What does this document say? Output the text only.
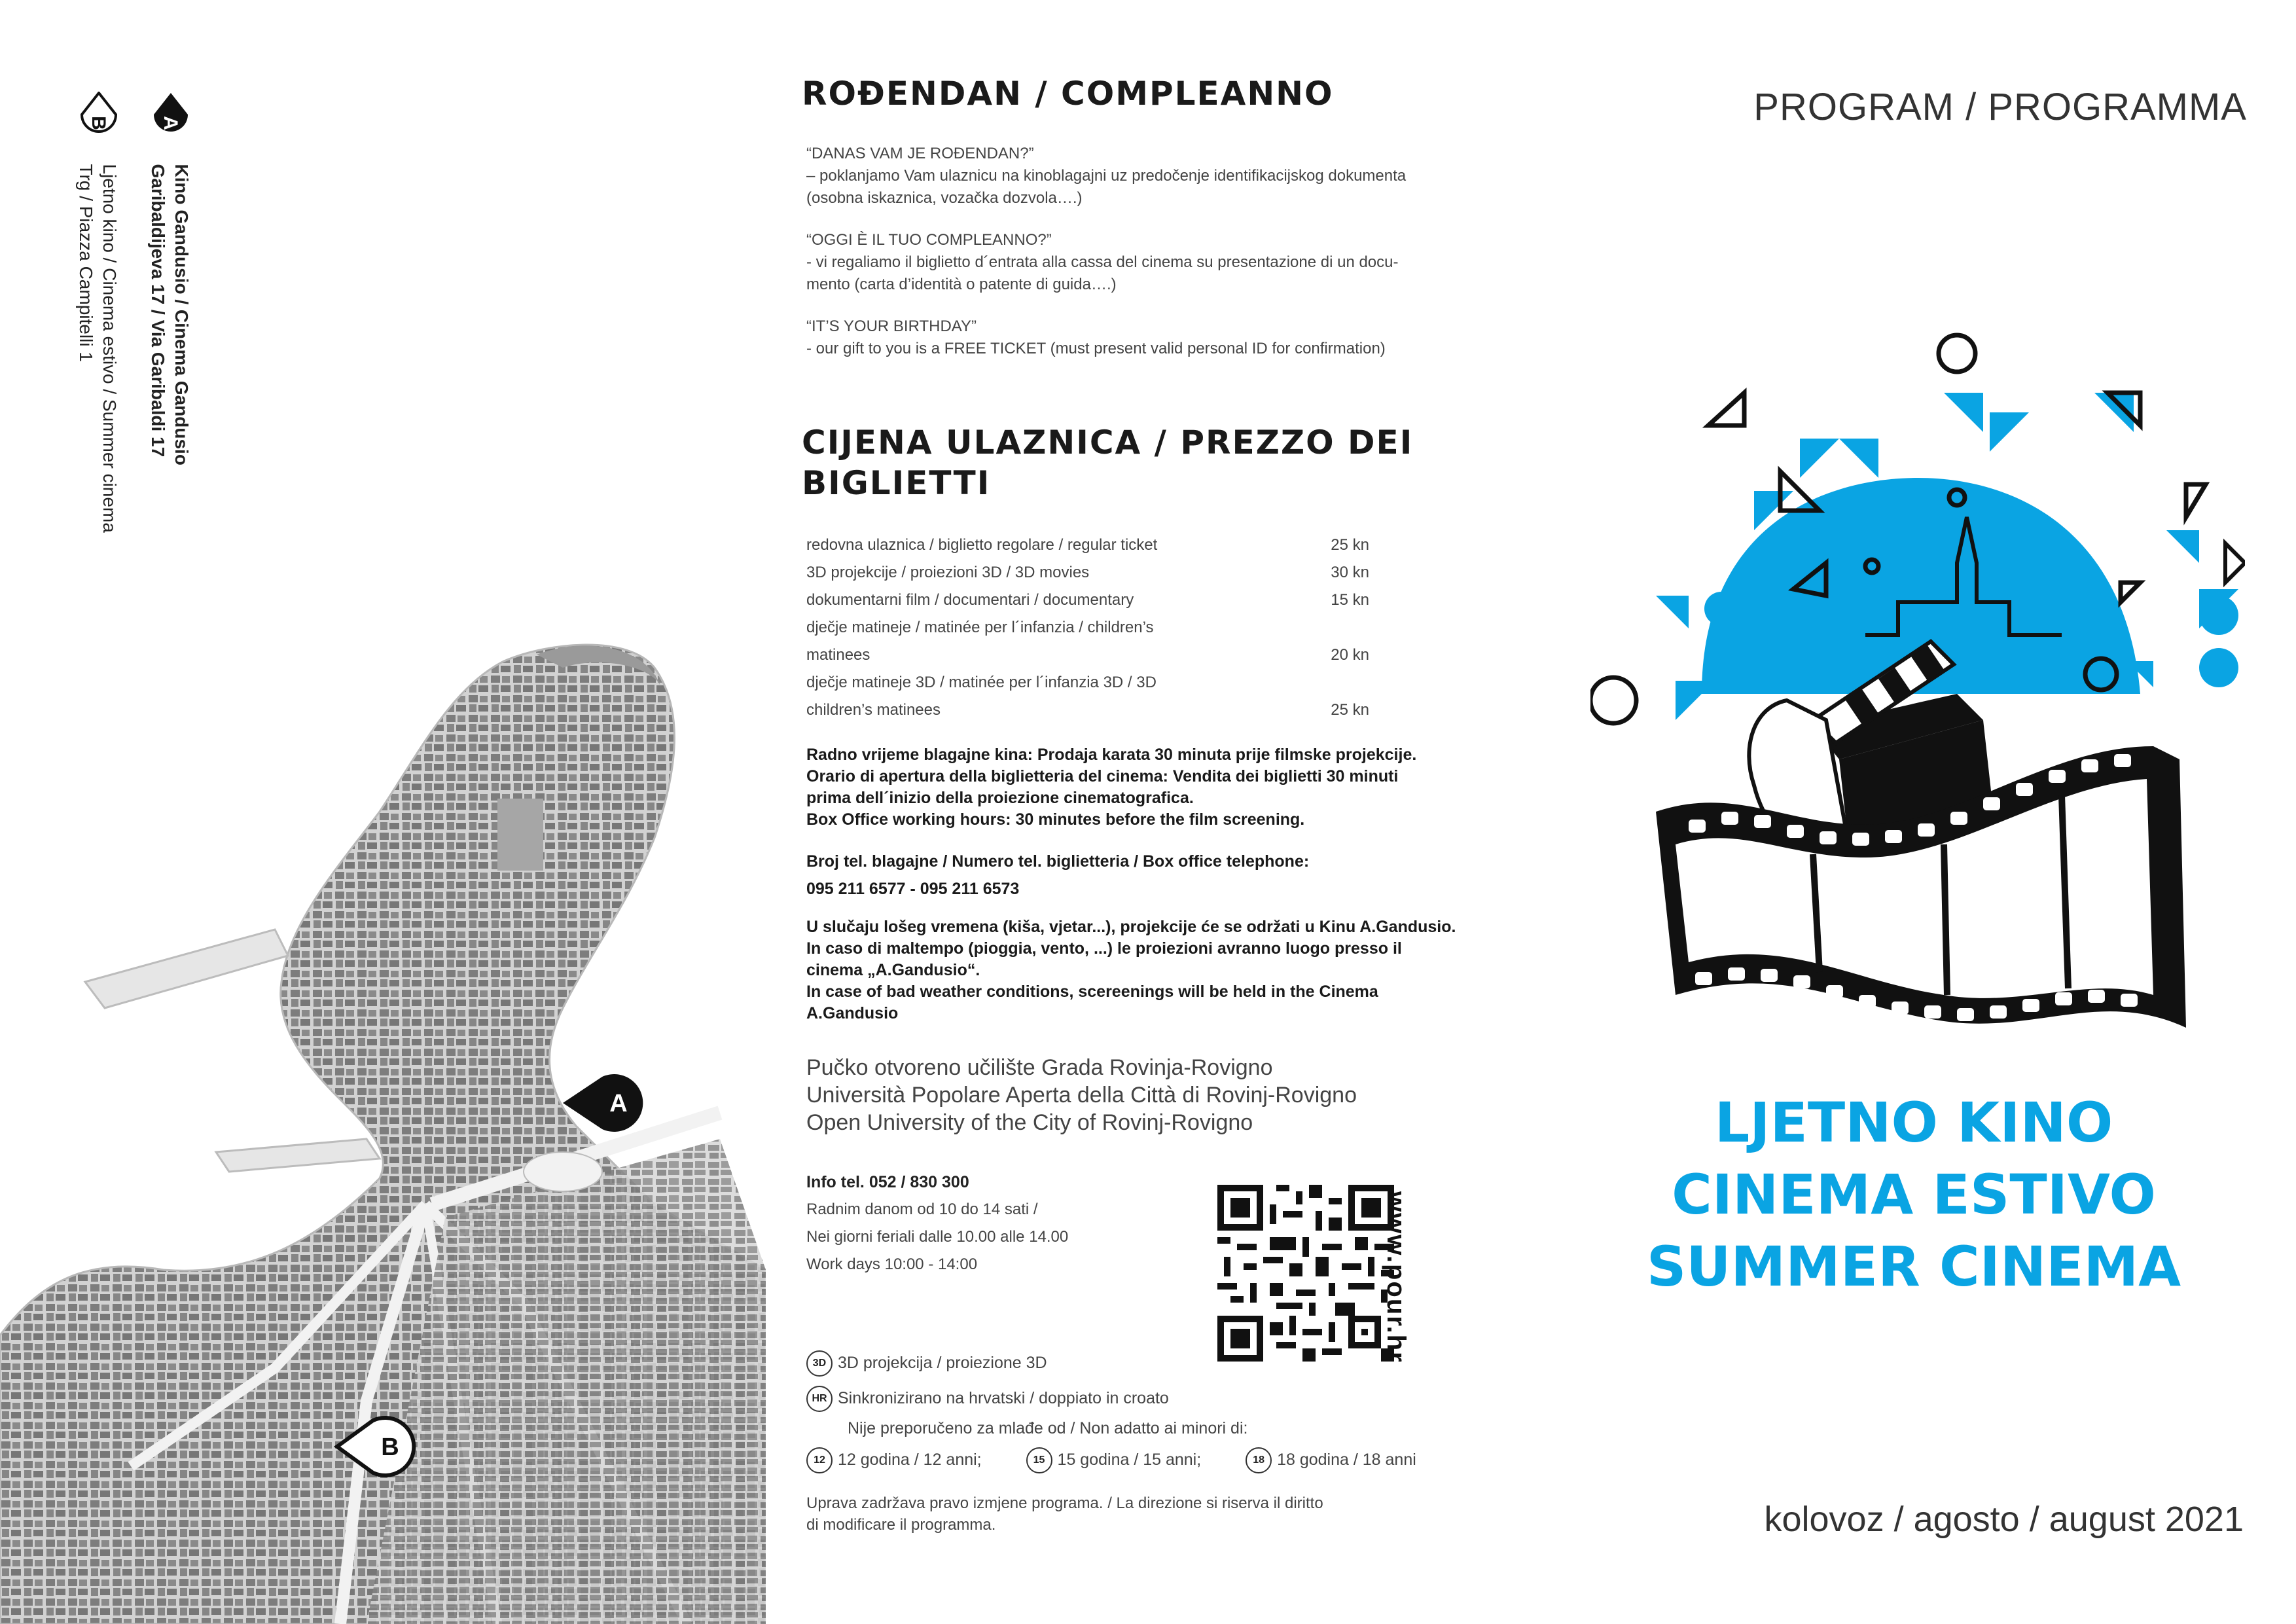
A

Kino Gandusio / Cinema Gandusio
Garibaldijeva 17 / Via Garibaldi 17
B

Ljetno kino / Cinema estivo / Summer cinema
Trg / Piazza Campitelli 1
A
B
ROĐENDAN / COMPLEANNO

“DANAS VAM JE ROĐENDAN?”
– poklanjamo Vam ulaznicu na kinoblagajni uz predočenje identifikacijskog dokumenta
(osobna iskaznica, vozačka dozvola….)

“OGGI È IL TUO COMPLEANNO?”
- vi regaliamo il biglietto d´entrata alla cassa del cinema su presentazione di un docu-
mento (carta d’identità o patente di guida….)

“IT’S YOUR BIRTHDAY”
- our gift to you is a FREE TICKET (must present valid personal ID for confirmation)

CIJENA ULAZNICA / PREZZO DEI
BIGLIETTI
redovna ulaznica / biglietto regolare / regular ticket	25 kn
3D projekcije / proiezioni 3D / 3D movies	30 kn
dokumentarni film / documentari / documentary	15 kn
dječje matineje / matinée per l´infanzia / children’s
matinees	20 kn
dječje matineje 3D / matinée per l´infanzia 3D / 3D
children’s matinees	25 kn
Radno vrijeme blagajne kina: Prodaja karata 30 minuta prije filmske projekcije.
Orario di apertura della biglietteria del cinema: Vendita dei biglietti 30 minuti
prima dell´inizio della proiezione cinematografica.
Box Office working hours: 30 minutes before the film screening.
Broj tel. blagajne / Numero tel. biglietteria / Box office telephone:
095 211 6577 - 095 211 6573
U slučaju lošeg vremena (kiša, vjetar...), projekcije će se održati u Kinu A.Gandusio.
In caso di maltempo (pioggia, vento, ...) le proiezioni avranno luogo presso il
cinema „A.Gandusio“.
In case of bad weather conditions, scereenings will be held in the Cinema
A.Gandusio
Pučko otvoreno učilište Grada Rovinja-Rovigno
Università Popolare Aperta della Città di Rovinj-Rovigno
Open University of the City of Rovinj-Rovigno
Info tel. 052 / 830 300
Radnim danom od 10 do 14 sati /
Nei giorni feriali dalle 10.00 alle 14.00
Work days 10:00 - 14:00	www.pour.hr
3D 3D projekcija / proiezione 3D
HR Sinkronizirano na hrvatski / doppiato in croato
Nije preporučeno za mlađe od / Non adatto ai minori di:
12 12 godina / 12 anni;	15 15 godina / 15 anni;	18 18 godina / 18 anni
Uprava zadržava pravo izmjene programa. / La direzione si riserva il diritto
di modificare il programma.
PROGRAM / PROGRAMMA
LJETNO KINO
CINEMA ESTIVO
SUMMER CINEMA
kolovoz / agosto / august 2021
